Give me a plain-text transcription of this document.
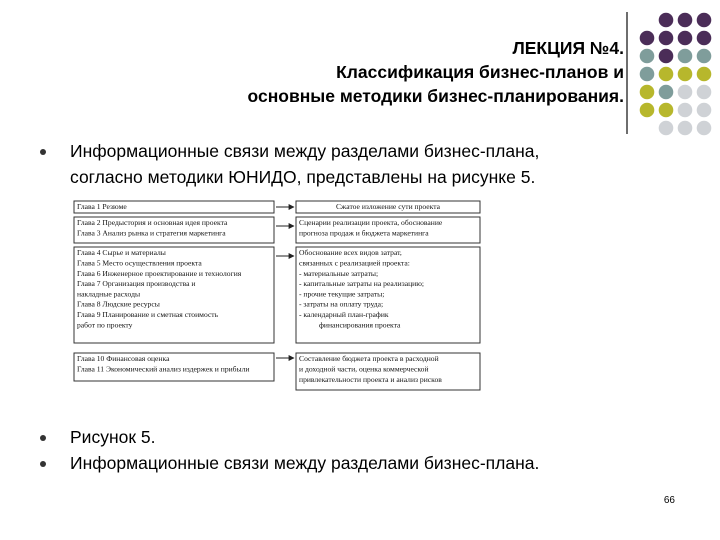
ЛЕКЦИЯ №4.
Классификация бизнес-планов и
основные методики бизнес-планирования.
Информационные связи между разделами бизнес-плана,
согласно методики ЮНИДО, представлены на рисунке 5.
Глава 1 Резюме
Глава 2 Предыстория и основная идея проекта
Глава 3 Анализ рынка и стратегия маркетинга
Глава 4 Сырье и материалы
Глава 5 Место осуществления проекта
Глава 6 Инженерное проектирование и технология
Глава 7 Организация производства и
накладные расходы
Глава 8 Людские ресурсы
Глава 9 Планирование и сметная стоимость
работ по проекту
Глава 10 Финансовая оценка
Глава 11 Экономический анализ издержек и прибыли
Сжатое изложение сути проекта
Сценарии реализации проекта, обоснование
прогноза продаж и бюджета маркетинга
Обоснование всех видов затрат,
связанных с реализацией проекта:
- материальные затраты;
- капитальные затраты на реализацию;
- прочие текущие затраты;
- затраты на оплату труда;
- календарный план-график
финансирования проекта
Составление бюджета проекта в расходной
и доходной части, оценка коммерческой
привлекательности проекта и анализ рисков
Рисунок 5.
Информационные связи между разделами бизнес-плана.
66
